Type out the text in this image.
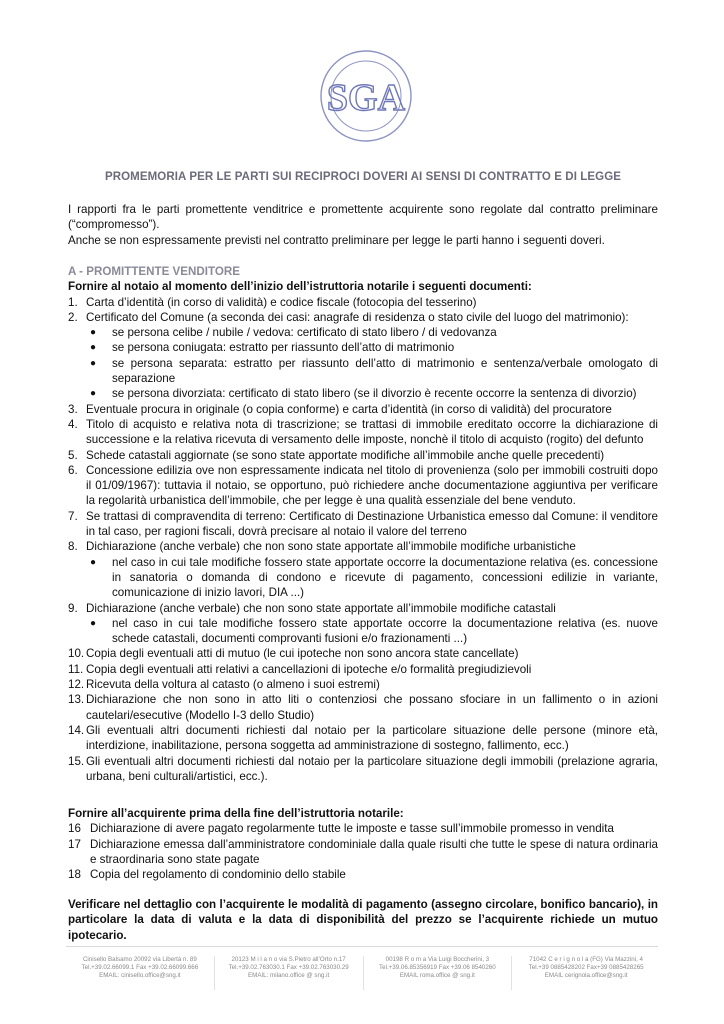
SGA
PROMEMORIA PER LE PARTI SUI RECIPROCI DOVERI AI SENSI DI CONTRATTO E DI LEGGE

I rapporti fra le parti promettente venditrice e promettente acquirente sono regolate dal contratto preliminare (“compromesso”).

Anche se non espressamente previsti nel contratto preliminare per legge le parti hanno i seguenti doveri.

A - PROMITTENTE VENDITORE
Fornire al notaio al momento dell’inizio dell’istruttoria notarile i seguenti documenti:
1. Carta d’identità (in corso di validità) e codice fiscale (fotocopia del tesserino)
2. Certificato del Comune (a seconda dei casi: anagrafe di residenza o stato civile del luogo del matrimonio):
● se persona celibe / nubile / vedova: certificato di stato libero / di vedovanza
● se persona coniugata: estratto per riassunto dell’atto di matrimonio
● se persona separata: estratto per riassunto dell’atto di matrimonio e sentenza/verbale omologato di separazione
● se persona divorziata: certificato di stato libero (se il divorzio è recente occorre la sentenza di divorzio)
3. Eventuale procura in originale (o copia conforme) e carta d’identità (in corso di validità) del procuratore
4. Titolo di acquisto e relativa nota di trascrizione; se trattasi di immobile ereditato occorre la dichiarazione di successione e la relativa ricevuta di versamento delle imposte, nonchè il titolo di acquisto (rogito) del defunto
5. Schede catastali aggiornate (se sono state apportate modifiche all’immobile anche quelle precedenti)
6. Concessione edilizia ove non espressamente indicata nel titolo di provenienza (solo per immobili costruiti dopo il 01/09/1967): tuttavia il notaio, se opportuno, può richiedere anche documentazione aggiuntiva per verificare la regolarità urbanistica dell’immobile, che per legge è una qualità essenziale del bene venduto.
7. Se trattasi di compravendita di terreno: Certificato di Destinazione Urbanistica emesso dal Comune: il venditore in tal caso, per ragioni fiscali, dovrà precisare al notaio il valore del terreno
8. Dichiarazione (anche verbale) che non sono state apportate all’immobile modifiche urbanistiche
● nel caso in cui tale modifiche fossero state apportate occorre la documentazione relativa (es. concessione in sanatoria o domanda di condono e ricevute di pagamento, concessioni edilizie in variante, comunicazione di inizio lavori, DIA ...)
9. Dichiarazione (anche verbale) che non sono state apportate all’immobile modifiche catastali
● nel caso in cui tale modifiche fossero state apportate occorre la documentazione relativa (es. nuove schede catastali, documenti comprovanti fusioni e/o frazionamenti ...)
10. Copia degli eventuali atti di mutuo (le cui ipoteche non sono ancora state cancellate)
11. Copia degli eventuali atti relativi a cancellazioni di ipoteche e/o formalità pregiudizievoli
12. Ricevuta della voltura al catasto (o almeno i suoi estremi)
13. Dichiarazione che non sono in atto liti o contenziosi che possano sfociare in un fallimento o in azioni cautelari/esecutive (Modello I-3 dello Studio)
14. Gli eventuali altri documenti richiesti dal notaio per la particolare situazione delle persone (minore età, interdizione, inabilitazione, persona soggetta ad amministrazione di sostegno, fallimento, ecc.)
15. Gli eventuali altri documenti richiesti dal notaio per la particolare situazione degli immobili (prelazione agraria, urbana, beni culturali/artistici, ecc.).
Fornire all’acquirente prima della fine dell’istruttoria notarile:
16 Dichiarazione di avere pagato regolarmente tutte le imposte e tasse sull’immobile promesso in vendita
17 Dichiarazione emessa dall’amministratore condominiale dalla quale risulti che tutte le spese di natura ordinaria e straordinaria sono state pagate
18 Copia del regolamento di condominio dello stabile
Verificare nel dettaglio con l’acquirente le modalità di pagamento (assegno circolare, bonifico bancario), in particolare la data di valuta e la data di disponibilità del prezzo se l’acquirente richiede un mutuo ipotecario.
Cinisello Balsamo 20092 via Libertà n. 89
Tel.+39.02.66099.1 Fax +39.02.66099.666
EMAIL: cinisello.office@sng.it
20123 M i l a n o via S.Pietro all’Orto n.17
Tel.+39.02.763030.1 Fax +39.02.763030.29
EMAIL: milano.office @ sng.it
00198 R o m a Via Luigi Boccherini, 3
Tel.+39.06.85356919 Fax +39.06 8540260
EMAIL roma.office @ sng.it
71042 C e r i g n o l a (FG) Via Mazzini, 4
Tel.+39 0885428202 Fax+39 0885428265
EMAIL cerignola.office@sng.it
